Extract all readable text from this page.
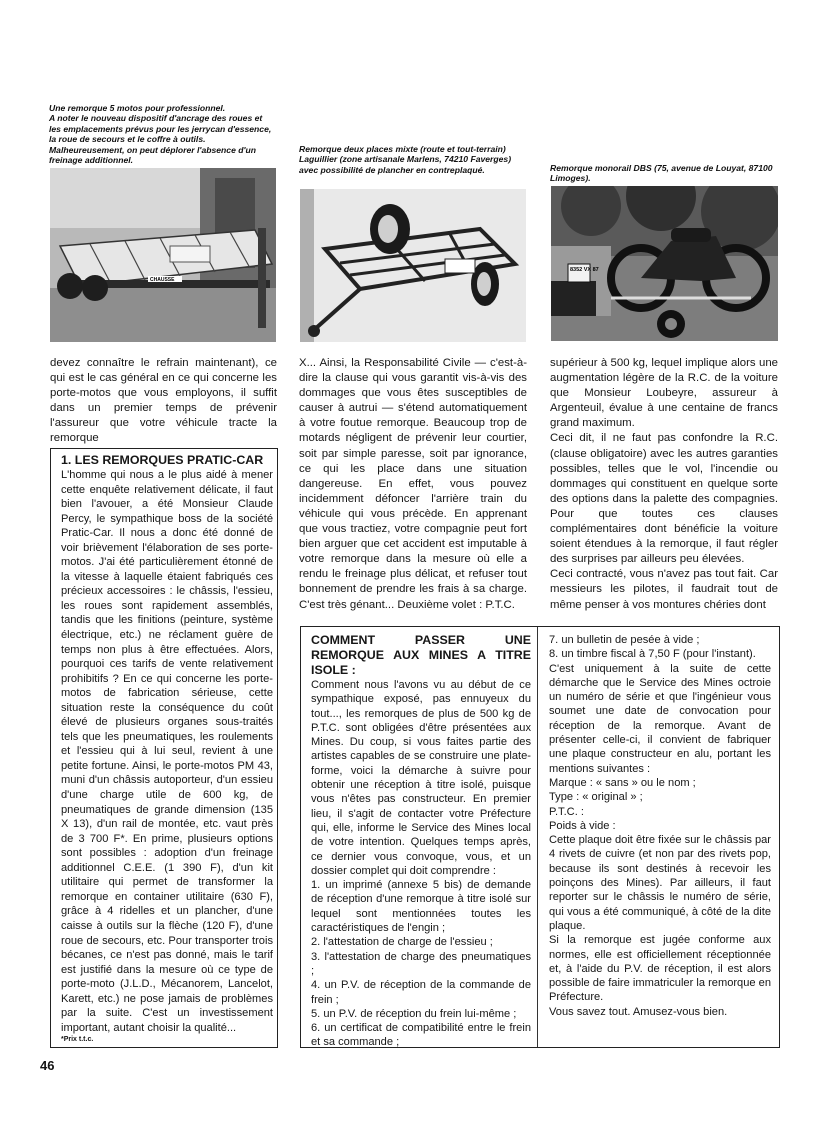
Une remorque 5 motos pour professionnel.
A noter le nouveau dispositif d'ancrage des roues et les emplacements prévus pour les jerrycan d'essence, la roue de secours et le coffre à outils. Malheureusement, on peut déplorer l'absence d'un freinage additionnel.
Remorque deux places mixte (route et tout-terrain) Laguillier (zone artisanale Marlens, 74210 Faverges) avec possibilité de plancher en contreplaqué.	Remorque monorail DBS (75, avenue de Louyat, 87100 Limoges).
CHAUSSE
8352 VX 87
devez connaître le refrain maintenant), ce qui est le cas général en ce qui concerne les porte-motos que vous employons, il suffit dans un premier temps de prévenir l'assureur que votre véhicule tracte la remorque
X... Ainsi, la Responsabilité Civile — c'est-à-dire la clause qui vous garantit vis-à-vis des dommages que vous êtes susceptibles de causer à autrui — s'étend automatiquement à votre foutue remorque. Beaucoup trop de motards négligent de prévenir leur courtier, soit par simple paresse, soit par ignorance, ce qui les place dans une situation dangereuse. En effet, vous pouvez incidemment défoncer l'arrière train du véhicule qui vous précède. En apprenant que vous tractiez, votre compagnie peut fort bien arguer que cet accident est imputable à votre remorque dans la mesure où elle a rendu le freinage plus délicat, et refuser tout bonnement de prendre les frais à sa charge. C'est très génant... Deuxième volet : P.T.C.
supérieur à 500 kg, lequel implique alors une augmentation légère de la R.C. de la voiture que Monsieur Loubeyre, assureur à Argenteuil, évalue à une centaine de francs grand maximum.
Ceci dit, il ne faut pas confondre la R.C. (clause obligatoire) avec les autres garanties possibles, telles que le vol, l'incendie ou dommages qui constituent en quelque sorte des options dans la palette des compagnies. Pour que toutes ces clauses complémentaires dont bénéficie la voiture soient étendues à la remorque, il faut régler des surprises par ailleurs peu élevées.
Ceci contracté, vous n'avez pas tout fait. Car messieurs les pilotes, il faudrait tout de même penser à vos montures chéries dont
1. LES REMORQUES PRATIC-CAR
L'homme qui nous a le plus aidé à mener cette enquête relativement délicate, il faut bien l'avouer, a été Monsieur Claude Percy, le sympathique boss de la société Pratic-Car. Il nous a donc été donné de voir brièvement l'élaboration de ses porte-motos. J'ai été particulièrement étonné de la vitesse à laquelle étaient fabriqués ces précieux accessoires : le châssis, l'essieu, les roues sont rapidement assemblés, tandis que les finitions (peinture, système électrique, etc.) ne réclament guère de temps non plus à être effectuées. Alors, pourquoi ces tarifs de vente relativement prohibitifs ? En ce qui concerne les porte-motos de fabrication sérieuse, cette situation reste la conséquence du coût élevé de plusieurs organes sous-traités tels que les pneumatiques, les roulements et l'essieu qui à lui seul, revient à une petite fortune. Ainsi, le porte-motos PM 43, muni d'un châssis autoporteur, d'un essieu d'une charge utile de 600 kg, de pneumatiques de grande dimension (135 X 13), d'un rail de montée, etc. vaut près de 3 700 F*. En prime, plusieurs options sont possibles : adoption d'un freinage additionnel C.E.E. (1 390 F), d'un kit utilitaire qui permet de transformer la remorque en container utilitaire (630 F), grâce à 4 ridelles et un plancher, d'une caisse à outils sur la flèche (120 F), d'une roue de secours, etc. Pour transporter trois bécanes, ce n'est pas donné, mais le tarif est justifié dans la mesure où ce type de porte-moto (J.L.D., Mécanorem, Lancelot, Karett, etc.) ne pose jamais de problèmes par la suite. C'est un investissement important, autant choisir la qualité...
*Prix t.t.c.
COMMENT PASSER UNE REMORQUE AUX MINES A TITRE ISOLE :

Comment nous l'avons vu au début de ce sympathique exposé, pas ennuyeux du tout..., les remorques de plus de 500 kg de P.T.C. sont obligées d'être présentées aux Mines. Du coup, si vous faites partie des artistes capables de se construire une plate-forme, voici la démarche à suivre pour obtenir une réception à titre isolé, puisque vous n'êtes pas constructeur. En premier lieu, il s'agit de contacter votre Préfecture qui, elle, informe le Service des Mines local de votre intention. Quelques temps après, ce dernier vous convoque, vous, et un dossier complet qui doit comprendre :

1. un imprimé (annexe 5 bis) de demande de réception d'une remorque à titre isolé sur lequel sont mentionnées toutes les caractéristiques de l'engin ;

2. l'attestation de charge de l'essieu ;

3. l'attestation de charge des pneumatiques ;

4. un P.V. de réception de la commande de frein ;

5. un P.V. de réception du frein lui-même ;

6. un certificat de compatibilité entre le frein et sa commande ;

7. un bulletin de pesée à vide ;

8. un timbre fiscal à 7,50 F (pour l'instant).

C'est uniquement à la suite de cette démarche que le Service des Mines octroie un numéro de série et que l'ingénieur vous soumet une date de convocation pour réception de la remorque. Avant de présenter celle-ci, il convient de fabriquer une plaque constructeur en alu, portant les mentions suivantes :

Marque : « sans » ou le nom ;

Type : « original » ;

P.T.C. :

Poids à vide :

Cette plaque doit être fixée sur le châssis par 4 rivets de cuivre (et non par des rivets pop, because ils sont destinés à recevoir les poinçons des Mines). Par ailleurs, il faut reporter sur le châssis le numéro de série, qui vous a été communiqué, à côté de la dite plaque.

Si la remorque est jugée conforme aux normes, elle est officiellement réceptionnée et, à l'aide du P.V. de réception, il est alors possible de faire immatriculer la remorque en Préfecture.

Vous savez tout. Amusez-vous bien.

46
